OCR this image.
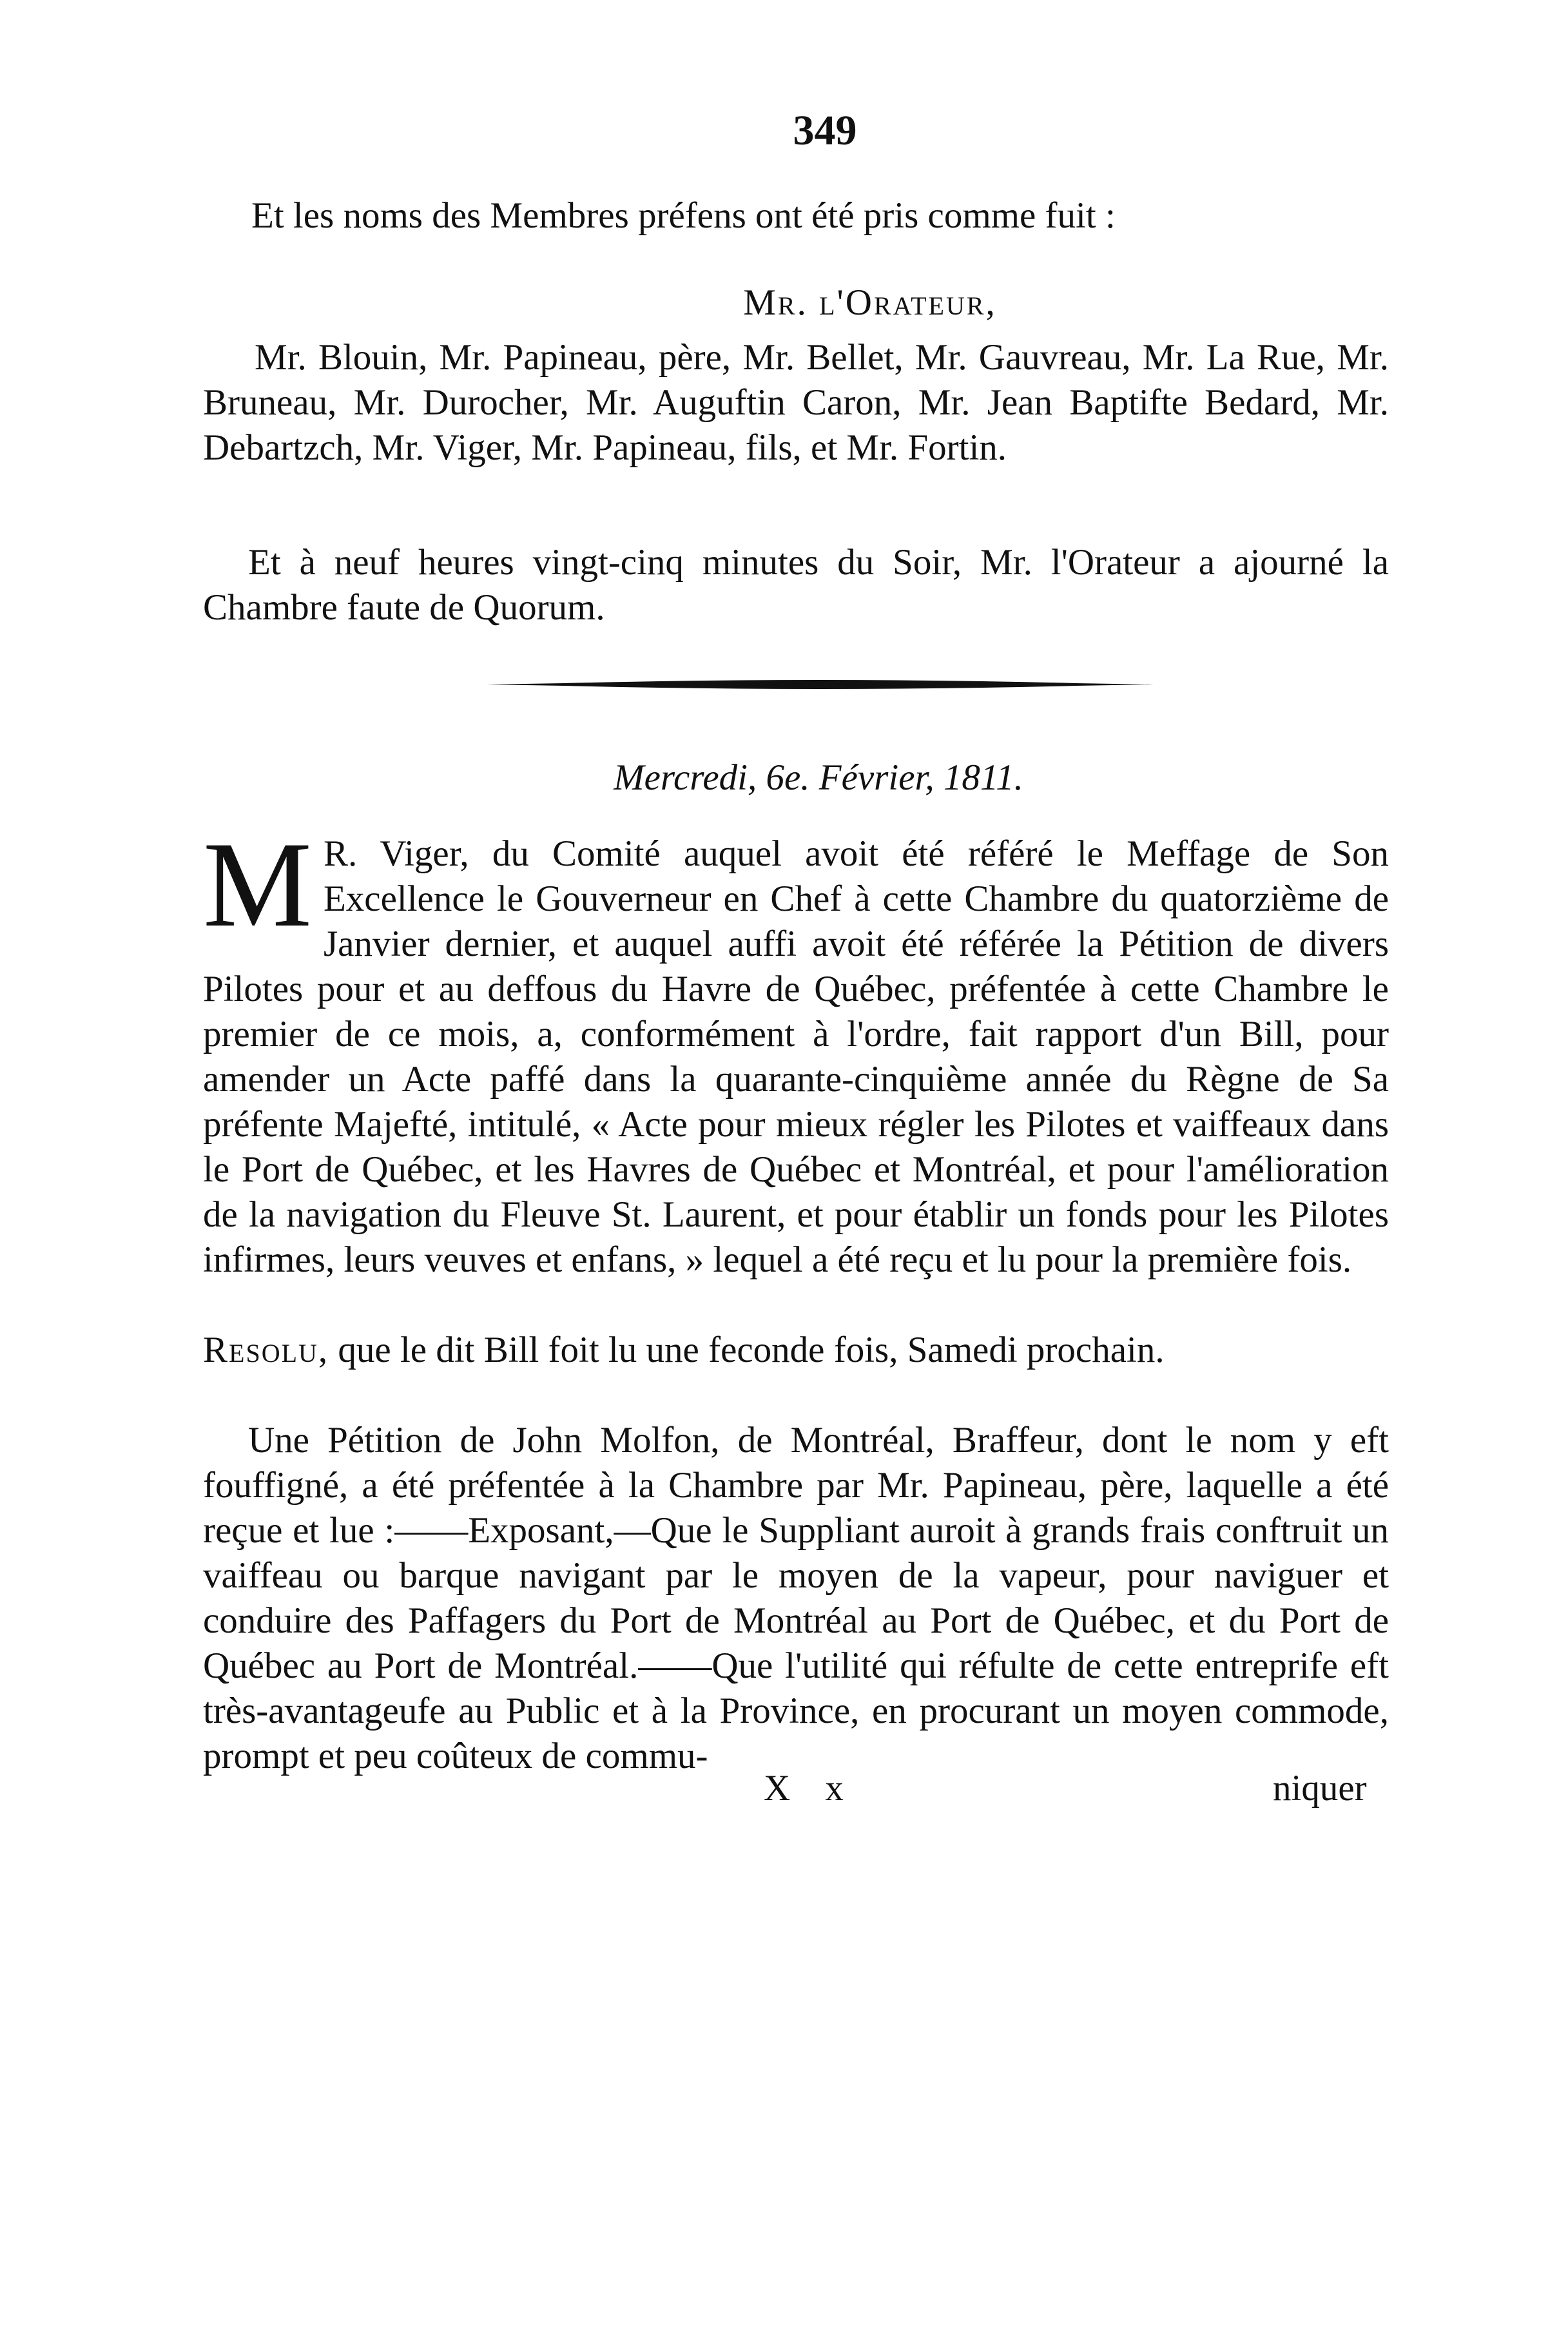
349
Et les noms des Membres préfens ont été pris comme fuit :
Mr. l'Orateur,
Mr. Blouin, Mr. Papineau, père, Mr. Bellet, Mr. Gauvreau, Mr. La Rue, Mr. Bruneau, Mr. Durocher, Mr. Auguftin Caron, Mr. Jean Baptifte Bedard, Mr. Debartzch, Mr. Viger, Mr. Papineau, fils, et Mr. Fortin.
Et à neuf heures vingt-cinq minutes du Soir, Mr. l'Orateur a ajourné la Chambre faute de Quorum.
Mercredi, 6e. Février, 1811.
M R. Viger, du Comité auquel avoit été référé le Meffage de Son Excellence le Gouverneur en Chef à cette Chambre du quatorzième de Janvier dernier, et auquel auffi avoit été référée la Pétition de divers Pilotes pour et au deffous du Havre de Québec, préfentée à cette Chambre le premier de ce mois, a, conformément à l'ordre, fait rapport d'un Bill, pour amender un Acte paffé dans la quarante-cinquième année du Règne de Sa préfente Majefté, intitulé, « Acte pour mieux régler les Pilotes et vaiffeaux dans le Port de Québec, et les Havres de Québec et Montréal, et pour l'amélioration de la navigation du Fleuve St. Laurent, et pour établir un fonds pour les Pilotes infirmes, leurs veuves et enfans, » lequel a été reçu et lu pour la première fois.
Resolu, que le dit Bill foit lu une feconde fois, Samedi prochain.
Une Pétition de John Molfon, de Montréal, Braffeur, dont le nom y eft fouffigné, a été préfentée à la Chambre par Mr. Papineau, père, laquelle a été reçue et lue :——Exposant,—Que le Suppliant auroit à grands frais conftruit un vaiffeau ou barque navigant par le moyen de la vapeur, pour naviguer et conduire des Paffagers du Port de Montréal au Port de Québec, et du Port de Québec au Port de Montréal.——Que l'utilité qui réfulte de cette entreprife eft très-avantageufe au Public et à la Province, en procurant un moyen commode, prompt et peu coûteux de commu-
X x	niquer
